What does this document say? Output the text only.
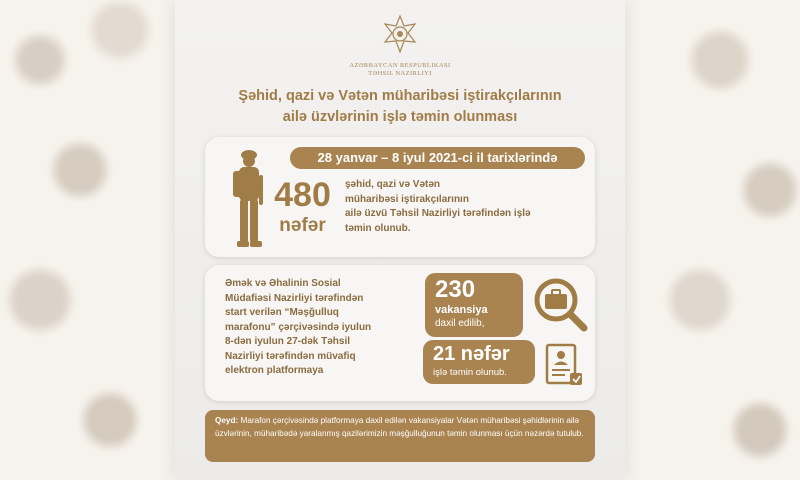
AZƏRBAYCAN RESPUBLIKASI
TƏHSIL NAZIRLIYI
Şəhid, qazi və Vətən müharibəsi iştirakçılarının
ailə üzvlərinin işlə təmin olunması
28 yanvar – 8 iyul 2021-ci il tarixlərində
480
nəfər
şəhid, qazi və Vətən
müharibəsi iştirakçılarının
ailə üzvü Təhsil Nazirliyi tərəfindən işlə
təmin olunub.
Əmək və Əhalinin Sosial
Müdafiəsi Nazirliyi tərəfindən
start verilən “Məşğulluq
marafonu” çərçivəsində iyulun
8-dən iyulun 27-dək Təhsil
Nazirliyi tərəfindən müvafiq
elektron platformaya
230
vakansiya
daxil edilib,
21 nəfər
işlə təmin olunub.
Qeyd: Marafon çərçivəsində platformaya daxil edilən vakansiyalar Vətən müharibəsi şəhidlərinin ailə üzvlərinin, müharibədə yaralanmış qazilərimizin məşğulluğunun təmin olunması üçün nəzərdə tutulub.
